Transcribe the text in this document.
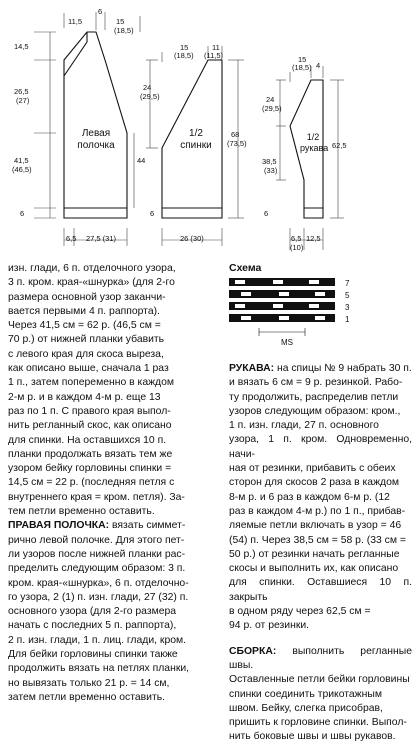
11,5
6
15
(18,5)
14,5
26,5
(27)
41,5
(46,5)
44
6
6,5 27,5 (31)
Левая полочка
15
(18,5)
11
(11,5)
24
(29,5)
68
(73,5)
6
26 (30)
1/2 спинки
15
(18,5) 4
24
(29,5)
38,5
(33)
62,5
6
6,5
(10)
12,5
1/2 рукава
Схема
7
5
3
1
MS

изн. глади, 6 п. отделочного узора,

3 п. кром. края-«шнурка» (для 2-го

размера основной узор заканчи-

вается первыми 4 п. раппорта).

Через 41,5 см = 62 р. (46,5 см =

70 р.) от нижней планки убавить

с левого края для скоса выреза,

как описано выше, сначала 1 раз

1 п., затем попеременно в каждом

2-м р. и в каждом 4-м р. еще 13

раз по 1 п. С правого края выпол-

нить регланный скос, как описано

для спинки. На оставшихся 10 п.

планки продолжать вязать тем же

узором бейку горловины спинки =

14,5 см = 22 р. (последняя петля с

внутреннего края = кром. петля). За-

тем петли временно оставить.

ПРАВАЯ ПОЛОЧКА: вязать симмет-

рично левой полочке. Для этого пет-

ли узоров после нижней планки рас-

пределить следующим образом: 3 п.

кром. края-«шнурка», 6 п. отделочно-

го узора, 2 (1) п. изн. глади, 27 (32) п.

основного узора (для 2-го размера

начать с последних 5 п. раппорта),

2 п. изн. глади, 1 п. лиц. глади, кром.

Для бейки горловины спинки также

продолжить вязать на петлях планки,

но вывязать только 21 р. = 14 см,

затем петли временно оставить.

РУКАВА: на спицы № 9 набрать 30 п.

и вязать 6 см = 9 р. резинкой. Рабо-

ту продолжить, распределив петли

узоров следующим образом: кром.,

1 п. изн. глади, 27 п. основного

узора, 1 п. кром. Одновременно, начи-

ная от резинки, прибавить с обеих

сторон для скосов 2 раза в каждом

8-м р. и 6 раз в каждом 6-м р. (12

раз в каждом 4-м р.) по 1 п., прибав-

ляемые петли включать в узор = 46

(54) п. Через 38,5 см = 58 р. (33 см =

50 р.) от резинки начать регланные

скосы и выполнить их, как описано

для спинки. Оставшиеся 10 п. закрыть

в одном ряду через 62,5 см =

94 р. от резинки.

СБОРКА: выполнить регланные швы.

Оставленные петли бейки горловины

спинки соединить трикотажным

швом. Бейку, слегка присобрав,

пришить к горловине спинки. Выпол-

нить боковые швы и швы рукавов.
